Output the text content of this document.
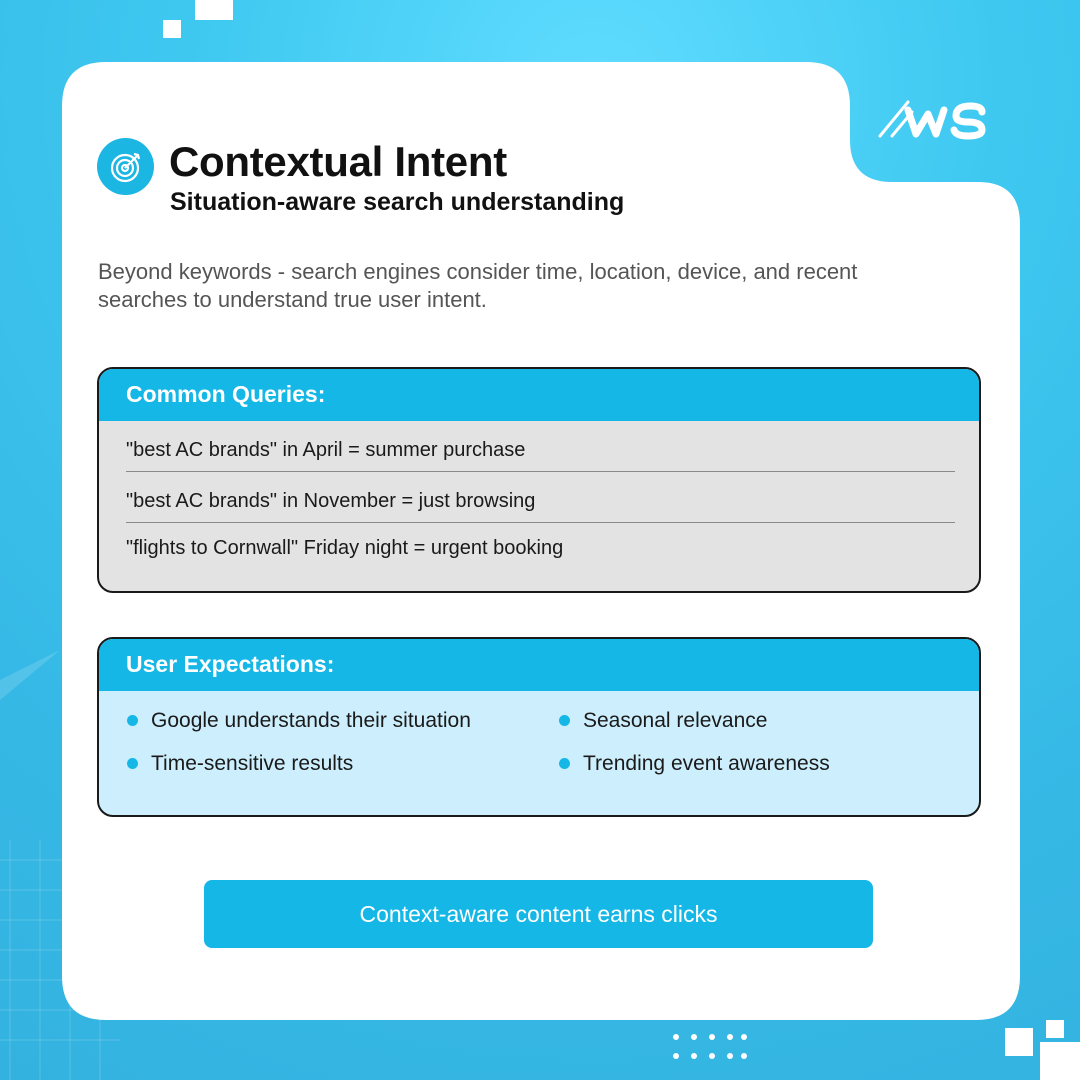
Contextual Intent
Situation-aware search understanding

Beyond keywords - search engines consider time, location, device, and recent searches to understand true user intent.

Common Queries:
"best AC brands" in April = summer purchase
"best AC brands" in November = just browsing
"flights to Cornwall" Friday night = urgent booking
User Expectations:
Google understands their situation	Seasonal relevance
Time-sensitive results	Trending event awareness
Context-aware content earns clicks
